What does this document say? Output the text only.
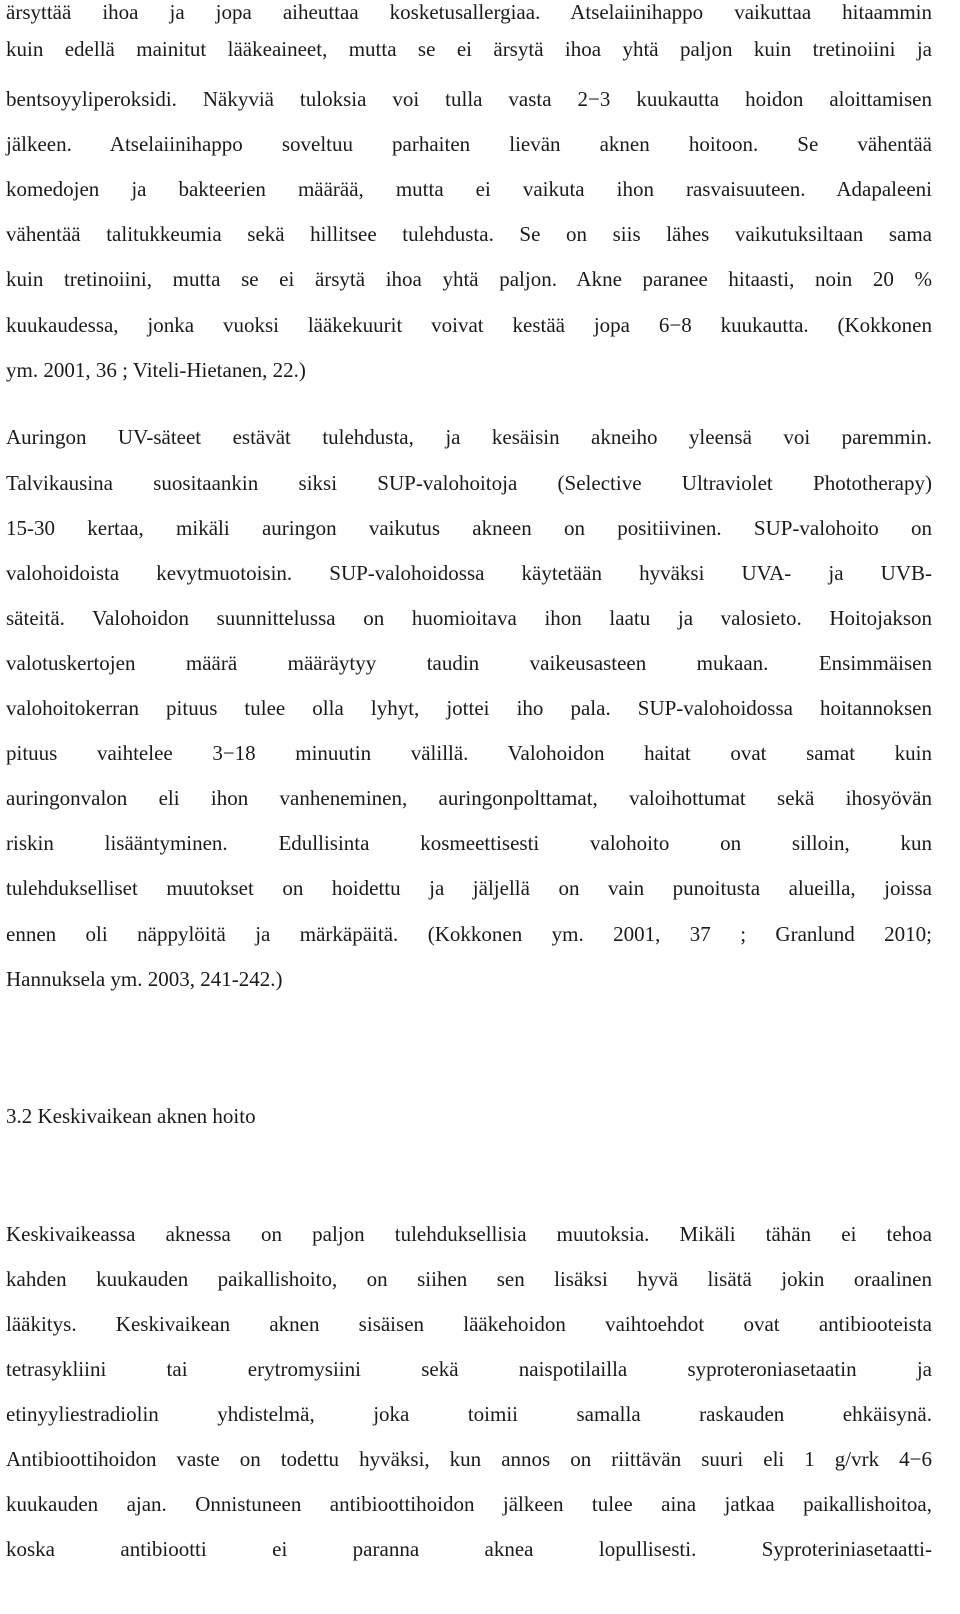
ärsyttää ihoa ja jopa aiheuttaa kosketusallergiaa. Atselaiinihappo vaikuttaa hitaammin
kuin edellä mainitut lääkeaineet, mutta se ei ärsytä ihoa yhtä paljon kuin tretinoiini ja
bentsoyyliperoksidi. Näkyviä tuloksia voi tulla vasta 2−3 kuukautta hoidon aloittamisen
jälkeen. Atselaiinihappo soveltuu parhaiten lievän aknen hoitoon. Se vähentää
komedojen ja bakteerien määrää, mutta ei vaikuta ihon rasvaisuuteen. Adapaleeni
vähentää talitukkeumia sekä hillitsee tulehdusta. Se on siis lähes vaikutuksiltaan sama
kuin tretinoiini, mutta se ei ärsytä ihoa yhtä paljon. Akne paranee hitaasti, noin 20 %
kuukaudessa, jonka vuoksi lääkekuurit voivat kestää jopa 6−8 kuukautta. (Kokkonen
ym. 2001, 36 ; Viteli-Hietanen, 22.)
Auringon UV-säteet estävät tulehdusta, ja kesäisin akneiho yleensä voi paremmin.
Talvikausina suositaankin siksi SUP-valohoitoja (Selective Ultraviolet Phototherapy)
15-30 kertaa, mikäli auringon vaikutus akneen on positiivinen. SUP-valohoito on
valohoidoista kevytmuotoisin. SUP-valohoidossa käytetään hyväksi UVA- ja UVB-
säteitä. Valohoidon suunnittelussa on huomioitava ihon laatu ja valosieto. Hoitojakson
valotuskertojen määrä määräytyy taudin vaikeusasteen mukaan. Ensimmäisen
valohoitokerran pituus tulee olla lyhyt, jottei iho pala. SUP-valohoidossa hoitannoksen
pituus vaihtelee 3−18 minuutin välillä. Valohoidon haitat ovat samat kuin
auringonvalon eli ihon vanheneminen, auringonpolttamat, valoihottumat sekä ihosyövän
riskin lisääntyminen. Edullisinta kosmeettisesti valohoito on silloin, kun
tulehdukselliset muutokset on hoidettu ja jäljellä on vain punoitusta alueilla, joissa
ennen oli näppylöitä ja märkäpäitä. (Kokkonen ym. 2001, 37 ; Granlund 2010;
Hannuksela ym. 2003, 241-242.)
3.2 Keskivaikean aknen hoito
Keskivaikeassa aknessa on paljon tulehduksellisia muutoksia. Mikäli tähän ei tehoa
kahden kuukauden paikallishoito, on siihen sen lisäksi hyvä lisätä jokin oraalinen
lääkitys. Keskivaikean aknen sisäisen lääkehoidon vaihtoehdot ovat antibiooteista
tetrasykliini tai erytromysiini sekä naispotilailla syproteroniasetaatin ja
etinyyliestradiolin yhdistelmä, joka toimii samalla raskauden ehkäisynä.
Antibioottihoidon vaste on todettu hyväksi, kun annos on riittävän suuri eli 1 g/vrk 4−6
kuukauden ajan. Onnistuneen antibioottihoidon jälkeen tulee aina jatkaa paikallishoitoa,
koska antibiootti ei paranna aknea lopullisesti. Syproteriniasetaatti-
